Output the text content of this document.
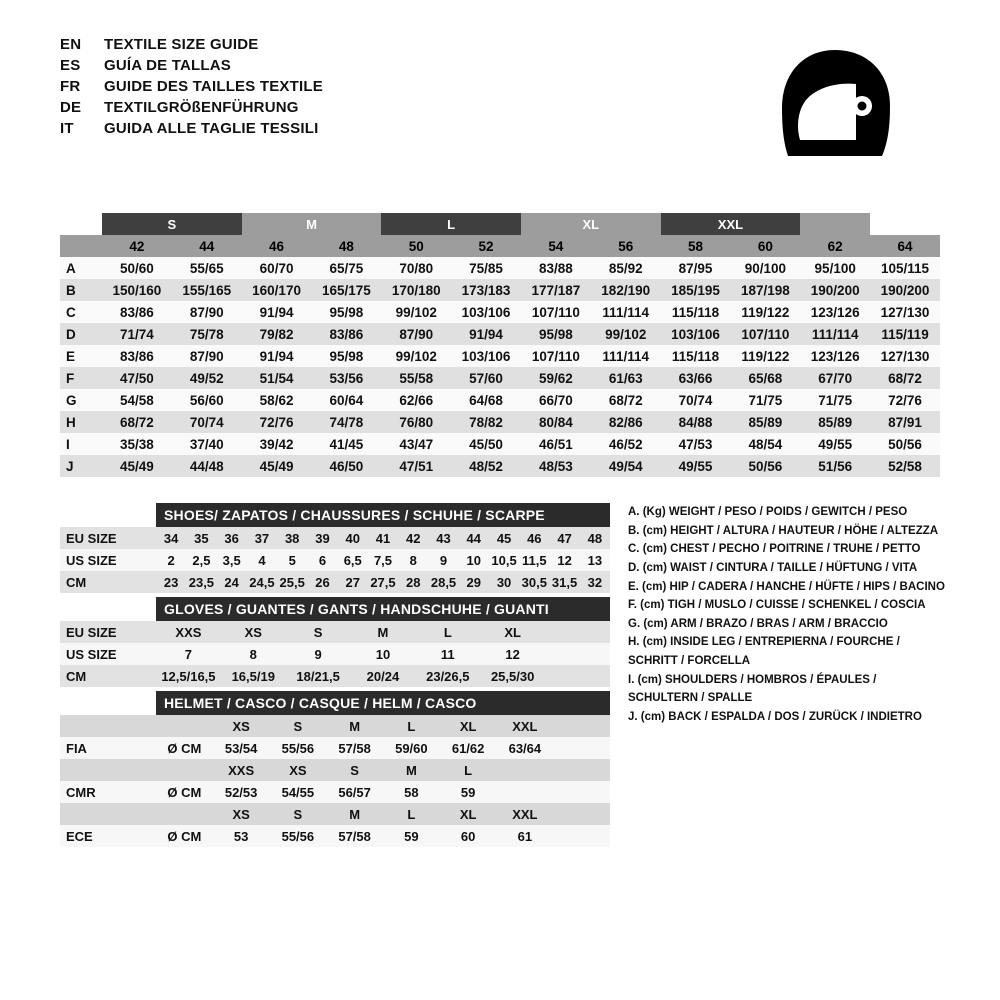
EN	TEXTILE SIZE GUIDE
ES	GUÍA DE TALLAS
FR	GUIDE DES TAILLES TEXTILE
DE	TEXTILGRÖßENFÜHRUNG
IT	GUIDA ALLE TAGLIE TESSILI
	S		M		L		XL		XXL			
	42	44	46	48	50	52	54	56	58	60	62	64
A	50/60	55/65	60/70	65/75	70/80	75/85	83/88	85/92	87/95	90/100	95/100	105/115
B	150/160	155/165	160/170	165/175	170/180	173/183	177/187	182/190	185/195	187/198	190/200	190/200
C	83/86	87/90	91/94	95/98	99/102	103/106	107/110	111/114	115/118	119/122	123/126	127/130
D	71/74	75/78	79/82	83/86	87/90	91/94	95/98	99/102	103/106	107/110	111/114	115/119
E	83/86	87/90	91/94	95/98	99/102	103/106	107/110	111/114	115/118	119/122	123/126	127/130
F	47/50	49/52	51/54	53/56	55/58	57/60	59/62	61/63	63/66	65/68	67/70	68/72
G	54/58	56/60	58/62	60/64	62/66	64/68	66/70	68/72	70/74	71/75	71/75	72/76
H	68/72	70/74	72/76	74/78	76/80	78/82	80/84	82/86	84/88	85/89	85/89	87/91
I	35/38	37/40	39/42	41/45	43/47	45/50	46/51	46/52	47/53	48/54	49/55	50/56
J	45/49	44/48	45/49	46/50	47/51	48/52	48/53	49/54	49/55	50/56	51/56	52/58
SHOES/ ZAPATOS / CHAUSSURES / SCHUHE / SCARPE
EU SIZE	34	35	36	37	38	39	40	41	42	43	44	45	46	47	48
US SIZE	2	2,5	3,5	4	5	6	6,5	7,5	8	9	10	10,5	11,5	12	13
CM	23	23,5	24	24,5	25,5	26	27	27,5	28	28,5	29	30	30,5	31,5	32
GLOVES / GUANTES / GANTS / HANDSCHUHE / GUANTI
EU SIZE	XXS	XS	S	M	L	XL	
US SIZE	7	8	9	10	11	12	
CM	12,5/16,5	16,5/19	18/21,5	20/24	23/26,5	25,5/30	
HELMET / CASCO / CASQUE / HELM / CASCO
		XS	S	M	L	XL	XXL	
FIA	Ø CM	53/54	55/56	57/58	59/60	61/62	63/64	
		XXS	XS	S	M	L		
CMR	Ø CM	52/53	54/55	56/57	58	59		
		XS	S	M	L	XL	XXL	
ECE	Ø CM	53	55/56	57/58	59	60	61	
A. (Kg) WEIGHT / PESO / POIDS / GEWITCH / PESO
B. (cm) HEIGHT / ALTURA / HAUTEUR / HÖHE / ALTEZZA
C. (cm) CHEST / PECHO / POITRINE / TRUHE / PETTO
D. (cm) WAIST / CINTURA / TAILLE / HÜFTUNG / VITA
E. (cm) HIP / CADERA / HANCHE / HÜFTE / HIPS / BACINO
F. (cm) TIGH / MUSLO / CUISSE / SCHENKEL / COSCIA
G. (cm) ARM / BRAZO / BRAS / ARM / BRACCIO
H. (cm) INSIDE LEG / ENTREPIERNA / FOURCHE /
SCHRITT / FORCELLA
I. (cm) SHOULDERS / HOMBROS / ÉPAULES /
SCHULTERN / SPALLE
J. (cm) BACK / ESPALDA / DOS / ZURÜCK / INDIETRO
